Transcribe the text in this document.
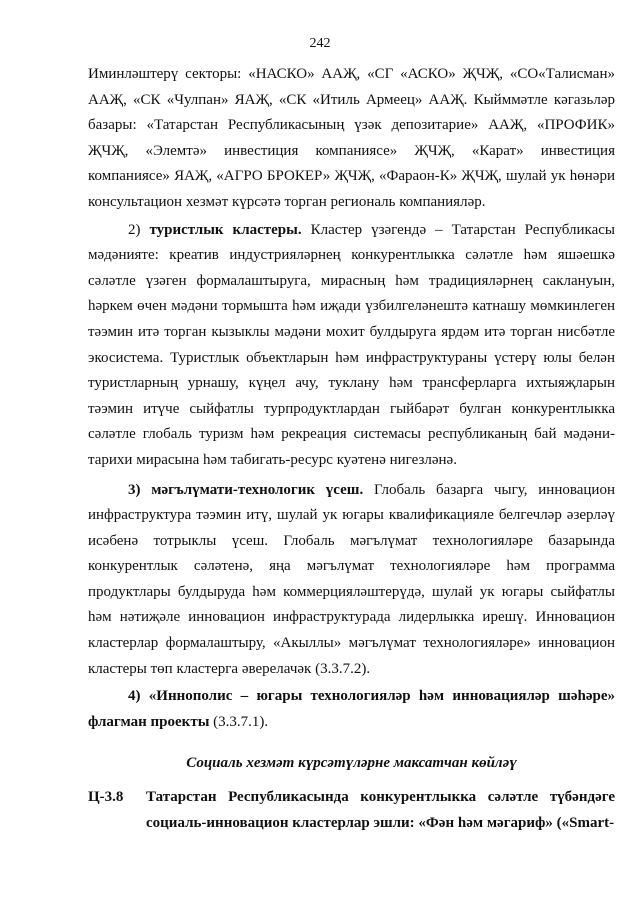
242

Иминләштерү секторы: «НАСКО» ААҖ, «СГ «АСКО» ҖЧҖ, «СО«Талисман» ААҖ, «СК «Чулпан» ЯАҖ, «СК «Итиль Армеец» ААҖ. Кыйммәтле кәгазьләр базары: «Татарстан Республикасының үзәк депозитарие» ААҖ, «ПРОФИК» ҖЧҖ, «Элемтә» инвестиция компаниясе» ҖЧҖ, «Карат» инвестиция компаниясе» ЯАҖ, «АГРО БРОКЕР» ҖЧҖ, «Фараон-К» ҖЧҖ, шулай ук һөнәри консультацион хезмәт күрсәтә торган региональ компанияләр.

2) туристлык кластеры. Кластер үзәгендә – Татарстан Республикасы мәдәнияте: креатив индустрияләрнең конкурентлыкка сәләтле һәм яшәешкә сәләтле үзәген формалаштыруга, мирасның һәм традицияләрнең саклануын, һәркем өчен мәдәни тормышта һәм иҗади үзбилгеләнештә катнашу мөмкинлеген тәэмин итә торган кызыклы мәдәни мохит булдыруга ярдәм итә торган нисбәтле экосистема. Туристлык объектларын һәм инфраструктураны үстерү юлы белән туристларның урнашу, күңел ачу, туклану һәм трансферларга ихтыяҗларын тәэмин итүче сыйфатлы турпродуктлардан гыйбарәт булган конкурентлыкка сәләтле глобаль туризм һәм рекреация системасы республиканың бай мәдәни-тарихи мирасына һәм табигать-ресурс куәтенә нигезләнә.

3) мәгълүмати-технологик үсеш. Глобаль базарга чыгу, инновацион инфраструктура тәэмин итү, шулай ук югары квалификацияле белгечләр әзерләү исәбенә тотрыклы үсеш. Глобаль мәгълүмат технологияләре базарында конкурентлык сәләтенә, яңа мәгълүмат технологияләре һәм программа продуктлары булдыруда һәм коммерцияләштерүдә, шулай ук югары сыйфатлы һәм нәтиҗәле инновацион инфраструктурада лидерлыкка ирешү. Инновацион кластерлар формалаштыру, «Акыллы» мәгълүмат технологияләре» инновацион кластеры төп кластерга әверелачәк (3.3.7.2).

4) «Иннополис – югары технологияләр һәм инновацияләр шәһәре» флагман проекты (3.3.7.1).

Социаль хезмәт күрсәтүләрне максатчан көйләү

Ц-3.8 Татарстан Республикасында конкурентлыкка сәләтле түбәндәге социаль-инновацион кластерлар эшли: «Фән һәм мәгариф» («Smart-
